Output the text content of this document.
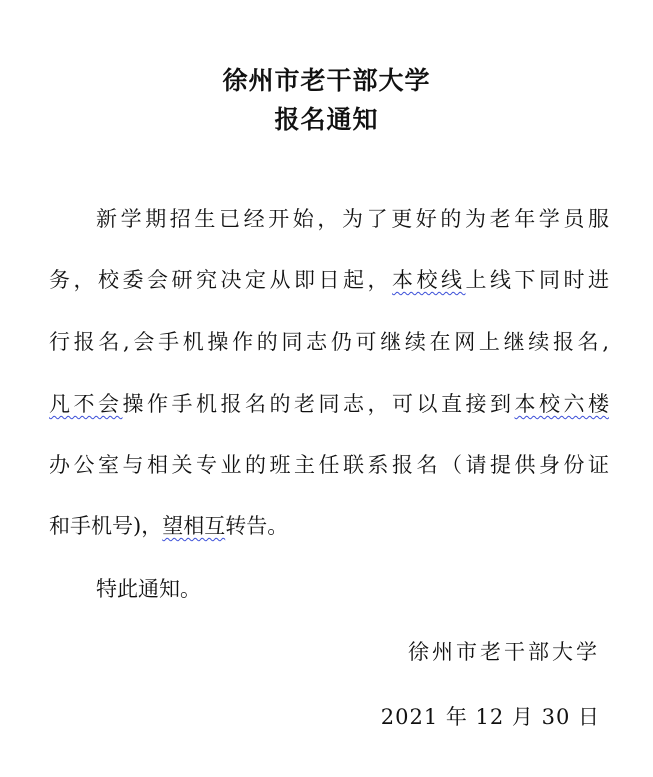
徐州市老干部大学
报名通知
新学期招生已经开始，为了更好的为老年学员服
务，校委会研究决定从即日起，本校线上线下同时进
行报名,会手机操作的同志仍可继续在网上继续报名,
凡不会操作手机报名的老同志，可以直接到本校六楼
办公室与相关专业的班主任联系报名（请提供身份证
和手机号)，望相互转告。
特此通知。
徐州市老干部大学
2021 年 12 月 30 日
